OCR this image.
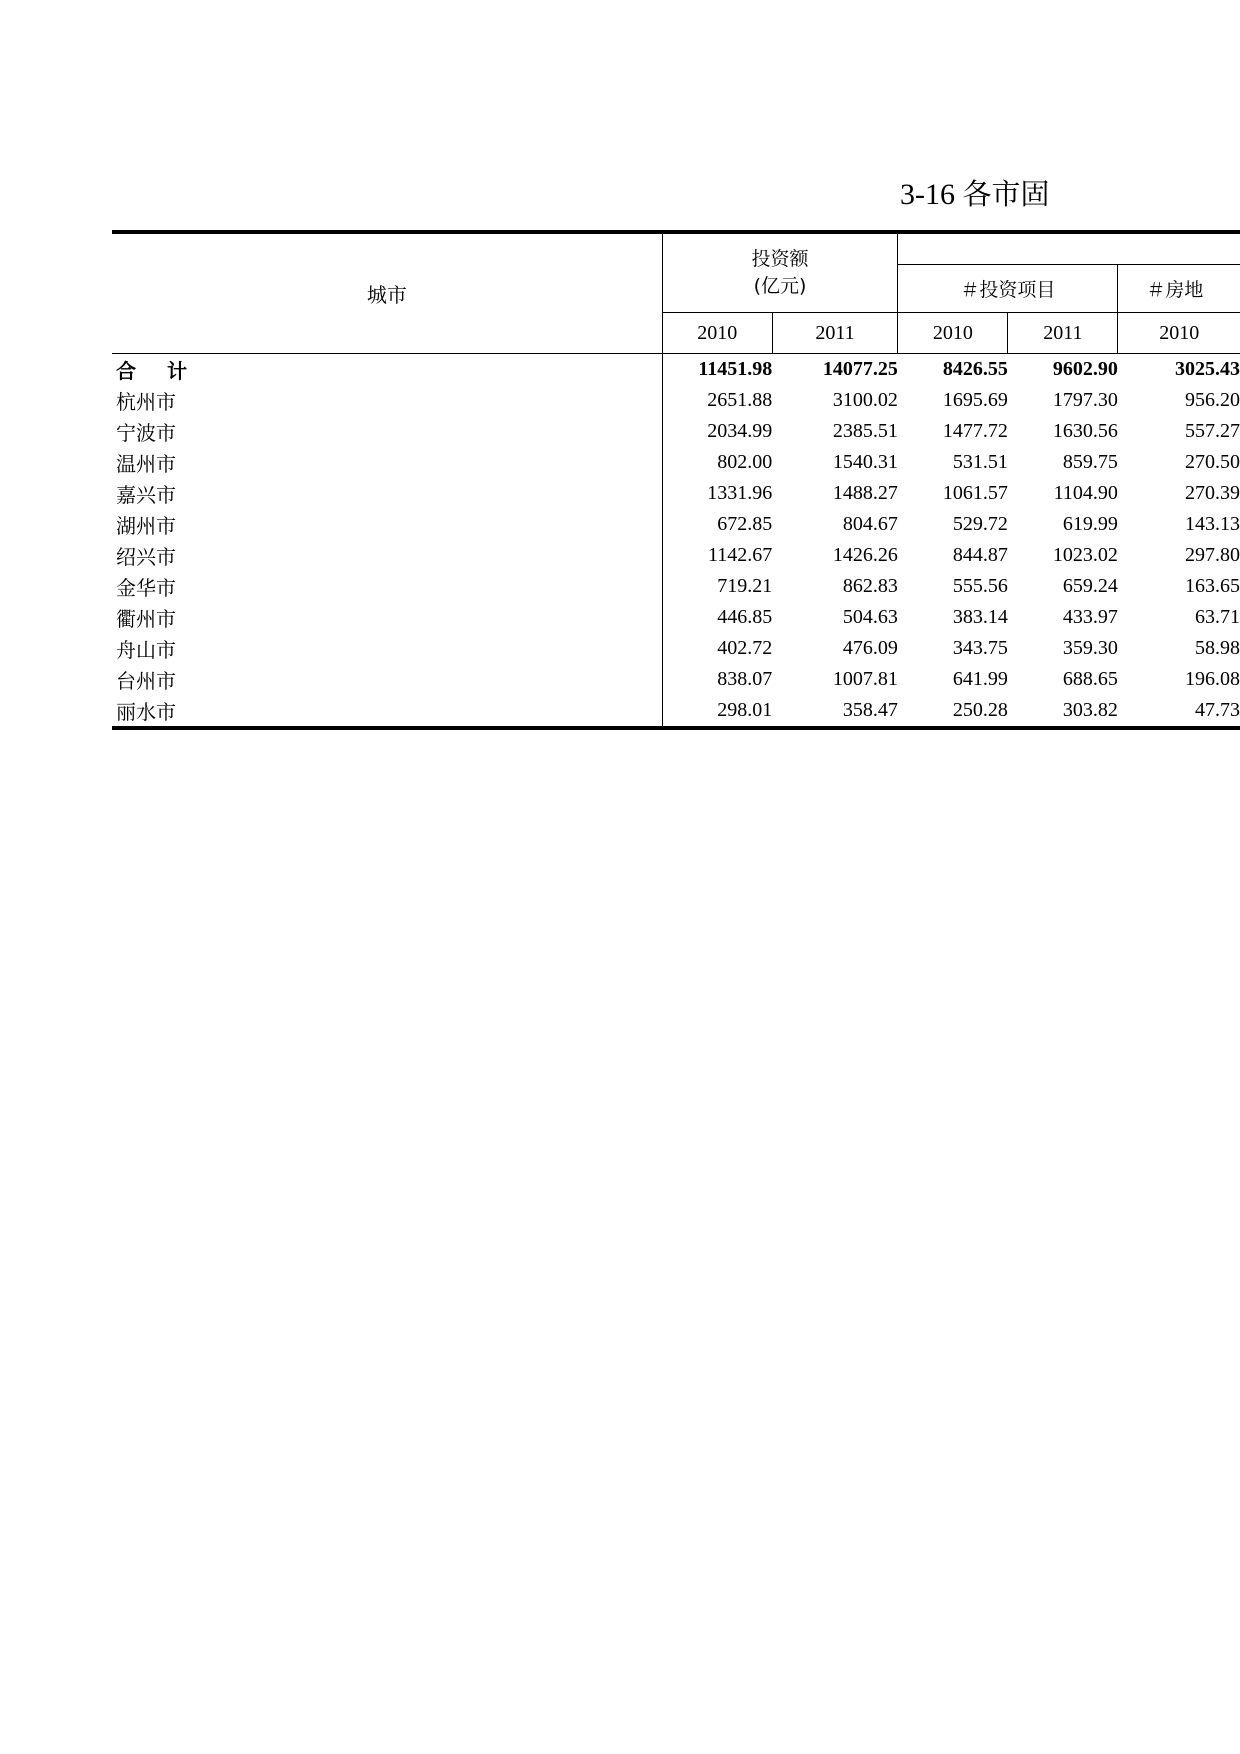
3-16 各市固
城市	投资额
(亿元)				

			＃投资项目		＃房地
	2010	2011	2010	2011	2010
合 计	11451.98	14077.25	8426.55	9602.90	3025.43
杭州市	2651.88	3100.02	1695.69	1797.30	956.20
宁波市	2034.99	2385.51	1477.72	1630.56	557.27
温州市	802.00	1540.31	531.51	859.75	270.50
嘉兴市	1331.96	1488.27	1061.57	1104.90	270.39
湖州市	672.85	804.67	529.72	619.99	143.13
绍兴市	1142.67	1426.26	844.87	1023.02	297.80
金华市	719.21	862.83	555.56	659.24	163.65
衢州市	446.85	504.63	383.14	433.97	63.71
舟山市	402.72	476.09	343.75	359.30	58.98
台州市	838.07	1007.81	641.99	688.65	196.08
丽水市	298.01	358.47	250.28	303.82	47.73
